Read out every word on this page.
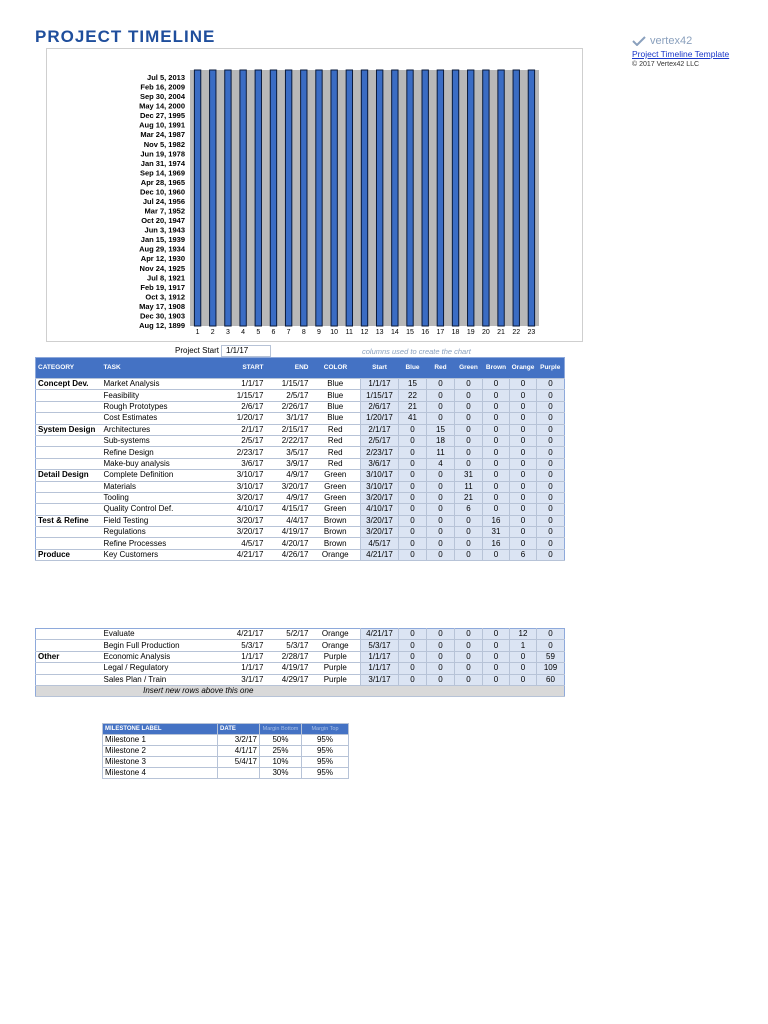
PROJECT TIMELINE	vertex42
Project Timeline Template
© 2017 Vertex42 LLC
1 2 3 4 5 6 7 8 9 10 11 12 13 14 15 16 17 18 19 20 21 22 23
Jul 5, 2013
Feb 16, 2009
Sep 30, 2004
May 14, 2000
Dec 27, 1995
Aug 10, 1991
Mar 24, 1987
Nov 5, 1982
Jun 19, 1978
Jan 31, 1974
Sep 14, 1969
Apr 28, 1965
Dec 10, 1960
Jul 24, 1956
Mar 7, 1952
Oct 20, 1947
Jun 3, 1943
Jan 15, 1939
Aug 29, 1934
Apr 12, 1930
Nov 24, 1925
Jul 8, 1921
Feb 19, 1917
Oct 3, 1912
May 17, 1908
Dec 30, 1903
Aug 12, 1899
Project Start 1/1/17	columns used to create the chart
CATEGORY	TASK	START	END	COLOR	Start	Blue	Red	Green	Brown	Orange	Purple
Concept Dev.	Market Analysis	1/1/17	1/15/17	Blue	1/1/17	15	0	0	0	0	0
	Feasibility	1/15/17	2/5/17	Blue	1/15/17	22	0	0	0	0	0
	Rough Prototypes	2/6/17	2/26/17	Blue	2/6/17	21	0	0	0	0	0
	Cost Estimates	1/20/17	3/1/17	Blue	1/20/17	41	0	0	0	0	0
System Design	Architectures	2/1/17	2/15/17	Red	2/1/17	0	15	0	0	0	0
	Sub-systems	2/5/17	2/22/17	Red	2/5/17	0	18	0	0	0	0
	Refine Design	2/23/17	3/5/17	Red	2/23/17	0	11	0	0	0	0
	Make-buy analysis	3/6/17	3/9/17	Red	3/6/17	0	4	0	0	0	0
Detail Design	Complete Definition	3/10/17	4/9/17	Green	3/10/17	0	0	31	0	0	0
	Materials	3/10/17	3/20/17	Green	3/10/17	0	0	11	0	0	0
	Tooling	3/20/17	4/9/17	Green	3/20/17	0	0	21	0	0	0
	Quality Control Def.	4/10/17	4/15/17	Green	4/10/17	0	0	6	0	0	0
Test & Refine	Field Testing	3/20/17	4/4/17	Brown	3/20/17	0	0	0	16	0	0
	Regulations	3/20/17	4/19/17	Brown	3/20/17	0	0	0	31	0	0
	Refine Processes	4/5/17	4/20/17	Brown	4/5/17	0	0	0	16	0	0
Produce	Key Customers	4/21/17	4/26/17	Orange	4/21/17	0	0	0	0	6	0
	Evaluate	4/21/17	5/2/17	Orange	4/21/17	0	0	0	0	12	0
	Begin Full Production	5/3/17	5/3/17	Orange	5/3/17	0	0	0	0	1	0
Other	Economic Analysis	1/1/17	2/28/17	Purple	1/1/17	0	0	0	0	0	59
	Legal / Regulatory	1/1/17	4/19/17	Purple	1/1/17	0	0	0	0	0	109
	Sales Plan / Train	3/1/17	4/29/17	Purple	3/1/17	0	0	0	0	0	60
Insert new rows above this one											
MILESTONE LABEL	DATE	Margin Bottom	Margin Top
Milestone 1	3/2/17	50%	95%
Milestone 2	4/1/17	25%	95%
Milestone 3	5/4/17	10%	95%
Milestone 4		30%	95%
